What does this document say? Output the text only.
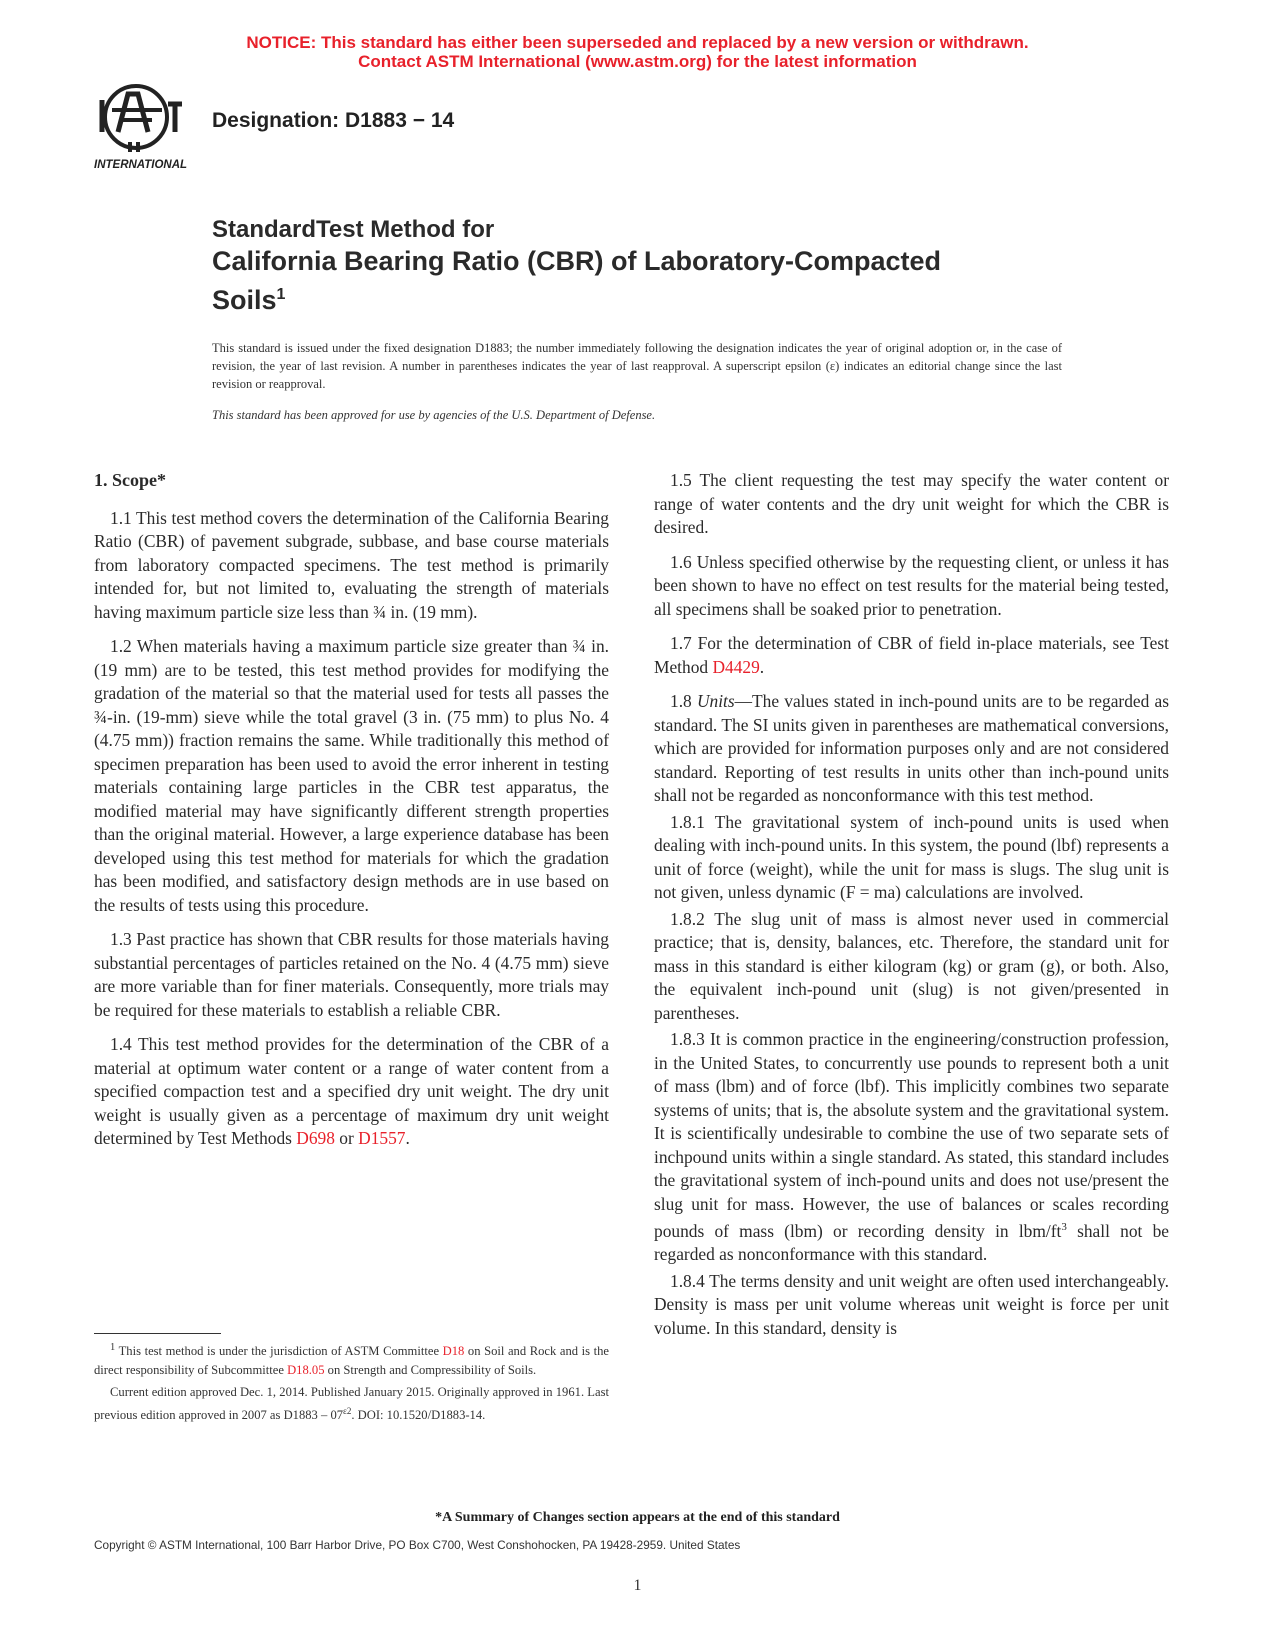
NOTICE: This standard has either been superseded and replaced by a new version or withdrawn.
Contact ASTM International (www.astm.org) for the latest information
INTERNATIONAL
Designation: D1883 − 14
StandardTest Method for
California Bearing Ratio (CBR) of Laboratory-Compacted
Soils$^1$
This standard is issued under the fixed designation D1883; the number immediately following the designation indicates the year of original adoption or, in the case of revision, the year of last revision. A number in parentheses indicates the year of last reapproval. A superscript epsilon (ε) indicates an editorial change since the last revision or reapproval.
This standard has been approved for use by agencies of the U.S. Department of Defense.
1. Scope*

1.1 This test method covers the determination of the California Bearing Ratio (CBR) of pavement subgrade, subbase, and base course materials from laboratory compacted specimens. The test method is primarily intended for, but not limited to, evaluating the strength of materials having maximum particle size less than ¾ in. (19 mm).

1.2 When materials having a maximum particle size greater than ¾ in. (19 mm) are to be tested, this test method provides for modifying the gradation of the material so that the material used for tests all passes the ¾-in. (19-mm) sieve while the total gravel (3 in. (75 mm) to plus No. 4 (4.75 mm)) fraction remains the same. While traditionally this method of specimen preparation has been used to avoid the error inherent in testing materials containing large particles in the CBR test apparatus, the modified material may have significantly different strength properties than the original material. However, a large experience database has been developed using this test method for materials for which the gradation has been modified, and satisfactory design methods are in use based on the results of tests using this procedure.

1.3 Past practice has shown that CBR results for those materials having substantial percentages of particles retained on the No. 4 (4.75 mm) sieve are more variable than for finer materials. Consequently, more trials may be required for these materials to establish a reliable CBR.

1.4 This test method provides for the determination of the CBR of a material at optimum water content or a range of water content from a specified compaction test and a specified dry unit weight. The dry unit weight is usually given as a percentage of maximum dry unit weight determined by Test Methods D698 or D1557.

1.5 The client requesting the test may specify the water content or range of water contents and the dry unit weight for which the CBR is desired.

1.6 Unless specified otherwise by the requesting client, or unless it has been shown to have no effect on test results for the material being tested, all specimens shall be soaked prior to penetration.

1.7 For the determination of CBR of field in-place materials, see Test Method D4429.

1.8 Units—The values stated in inch-pound units are to be regarded as standard. The SI units given in parentheses are mathematical conversions, which are provided for information purposes only and are not considered standard. Reporting of test results in units other than inch-pound units shall not be regarded as nonconformance with this test method.

1.8.1 The gravitational system of inch-pound units is used when dealing with inch-pound units. In this system, the pound (lbf) represents a unit of force (weight), while the unit for mass is slugs. The slug unit is not given, unless dynamic (F = ma) calculations are involved.

1.8.2 The slug unit of mass is almost never used in commercial practice; that is, density, balances, etc. Therefore, the standard unit for mass in this standard is either kilogram (kg) or gram (g), or both. Also, the equivalent inch-pound unit (slug) is not given/presented in parentheses.

1.8.3 It is common practice in the engineering/construction profession, in the United States, to concurrently use pounds to represent both a unit of mass (lbm) and of force (lbf). This implicitly combines two separate systems of units; that is, the absolute system and the gravitational system. It is scientifically undesirable to combine the use of two separate sets of inchpound units within a single standard. As stated, this standard includes the gravitational system of inch-pound units and does not use/present the slug unit for mass. However, the use of balances or scales recording pounds of mass (lbm) or recording density in lbm/$ft^3$ shall not be regarded as nonconformance with this standard.

1.8.4 The terms density and unit weight are often used interchangeably. Density is mass per unit volume whereas unit weight is force per unit volume. In this standard, density is

$^1$ This test method is under the jurisdiction of ASTM Committee D18 on Soil and Rock and is the direct responsibility of Subcommittee D18.05 on Strength and Compressibility of Soils.

Current edition approved Dec. 1, 2014. Published January 2015. Originally approved in 1961. Last previous edition approved in 2007 as $D1883 - 07^{\varepsilon 2}$. DOI: 10.1520/D1883-14.

*A Summary of Changes section appears at the end of this standard
Copyright © ASTM International, 100 Barr Harbor Drive, PO Box C700, West Conshohocken, PA 19428-2959. United States
1
